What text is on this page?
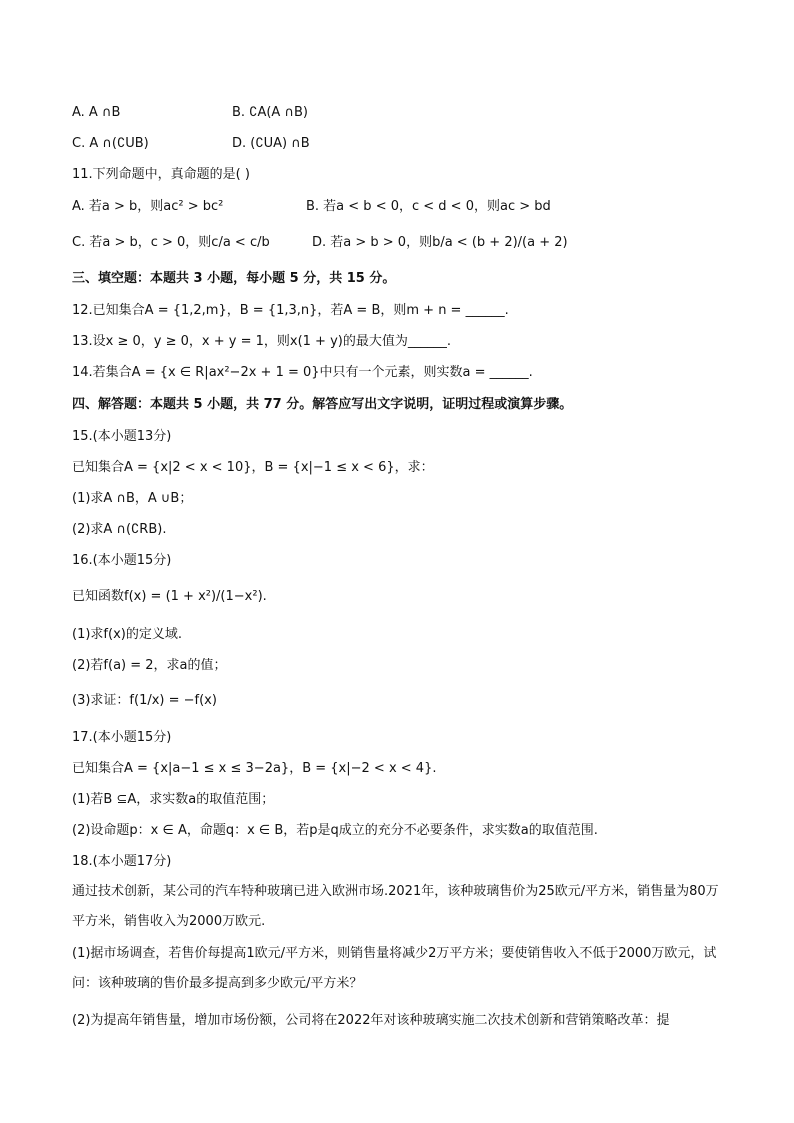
A. A ∩B	B. ∁A(A ∩B)
C. A ∩(∁UB)	D. (∁UA) ∩B
11.下列命题中，真命题的是( )
A. 若a > b，则ac² > bc²	B. 若a < b < 0，c < d < 0，则ac > bd
C. 若a > b，c > 0，则c/a < c/b	D. 若a > b > 0，则b/a < (b + 2)/(a + 2)
三、填空题：本题共 3 小题，每小题 5 分，共 15 分。
12.已知集合A = {1,2,m}，B = {1,3,n}，若A = B，则m + n = ______.
13.设x ≥ 0，y ≥ 0，x + y = 1，则x(1 + y)的最大值为______.
14.若集合A = {x ∈ R|ax²−2x + 1 = 0}中只有一个元素，则实数a = ______.
四、解答题：本题共 5 小题，共 77 分。解答应写出文字说明，证明过程或演算步骤。
15.(本小题13分)
已知集合A = {x|2 < x < 10}，B = {x|−1 ≤ x < 6}，求：
(1)求A ∩B，A ∪B；
(2)求A ∩(∁RB).
16.(本小题15分)
已知函数f(x) = (1 + x²)/(1−x²).
(1)求f(x)的定义域.
(2)若f(a) = 2，求a的值；
(3)求证：f(1/x) = −f(x)
17.(本小题15分)
已知集合A = {x|a−1 ≤ x ≤ 3−2a}，B = {x|−2 < x < 4}.
(1)若B ⊆A，求实数a的取值范围；
(2)设命题p：x ∈ A，命题q：x ∈ B，若p是q成立的充分不必要条件，求实数a的取值范围.
18.(本小题17分)
通过技术创新，某公司的汽车特种玻璃已进入欧洲市场.2021年，该种玻璃售价为25欧元/平方米，销售量为80万平方米，销售收入为2000万欧元.
(1)据市场调查，若售价每提高1欧元/平方米，则销售量将减少2万平方米；要使销售收入不低于2000万欧元，试问：该种玻璃的售价最多提高到多少欧元/平方米？
(2)为提高年销售量，增加市场份额，公司将在2022年对该种玻璃实施二次技术创新和营销策略改革：提
